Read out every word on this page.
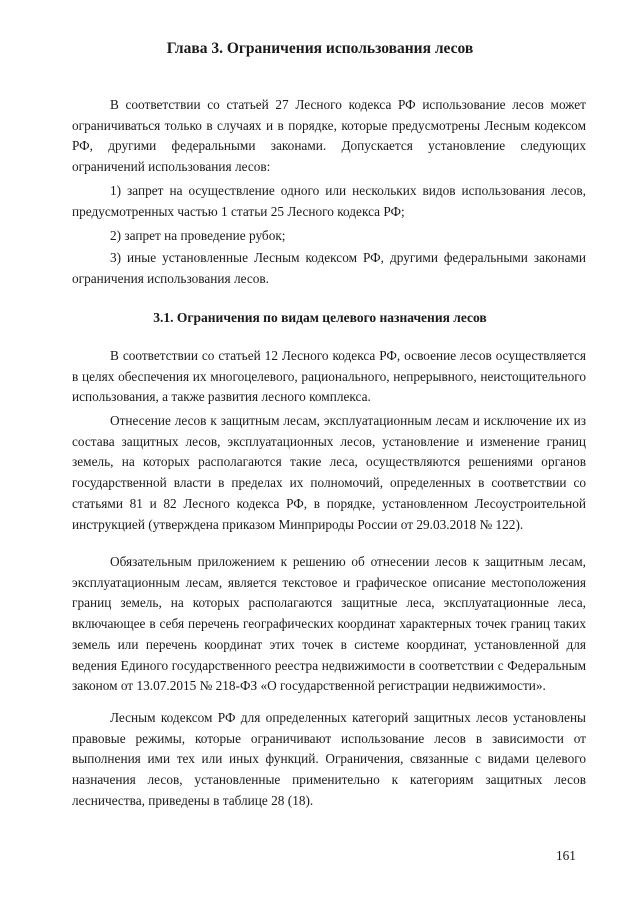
Глава 3. Ограничения использования лесов

В соответствии со статьей 27 Лесного кодекса РФ использование лесов может ограничиваться только в случаях и в порядке, которые предусмотрены Лесным кодексом РФ, другими федеральными законами. Допускается установление следующих ограничений использования лесов:

1) запрет на осуществление одного или нескольких видов использования лесов, предусмотренных частью 1 статьи 25 Лесного кодекса РФ;

2) запрет на проведение рубок;

3) иные установленные Лесным кодексом РФ, другими федеральными законами ограничения использования лесов.

3.1. Ограничения по видам целевого назначения лесов

В соответствии со статьей 12 Лесного кодекса РФ, освоение лесов осуществляется в целях обеспечения их многоцелевого, рационального, непрерывного, неистощительного использования, а также развития лесного комплекса.

Отнесение лесов к защитным лесам, эксплуатационным лесам и исключение их из состава защитных лесов, эксплуатационных лесов, установление и изменение границ земель, на которых располагаются такие леса, осуществляются решениями органов государственной власти в пределах их полномочий, определенных в соответствии со статьями 81 и 82 Лесного кодекса РФ, в порядке, установленном Лесоустроительной инструкцией (утверждена приказом Минприроды России от 29.03.2018 № 122).

Обязательным приложением к решению об отнесении лесов к защитным лесам, эксплуатационным лесам, является текстовое и графическое описание местоположения границ земель, на которых располагаются защитные леса, эксплуатационные леса, включающее в себя перечень географических координат характерных точек границ таких земель или перечень координат этих точек в системе координат, установленной для ведения Единого государственного реестра недвижимости в соответствии с Федеральным законом от 13.07.2015 № 218-ФЗ «О государственной регистрации недвижимости».

Лесным кодексом РФ для определенных категорий защитных лесов установлены правовые режимы, которые ограничивают использование лесов в зависимости от выполнения ими тех или иных функций. Ограничения, связанные с видами целевого назначения лесов, установленные применительно к категориям защитных лесов лесничества, приведены в таблице 28 (18).

161
